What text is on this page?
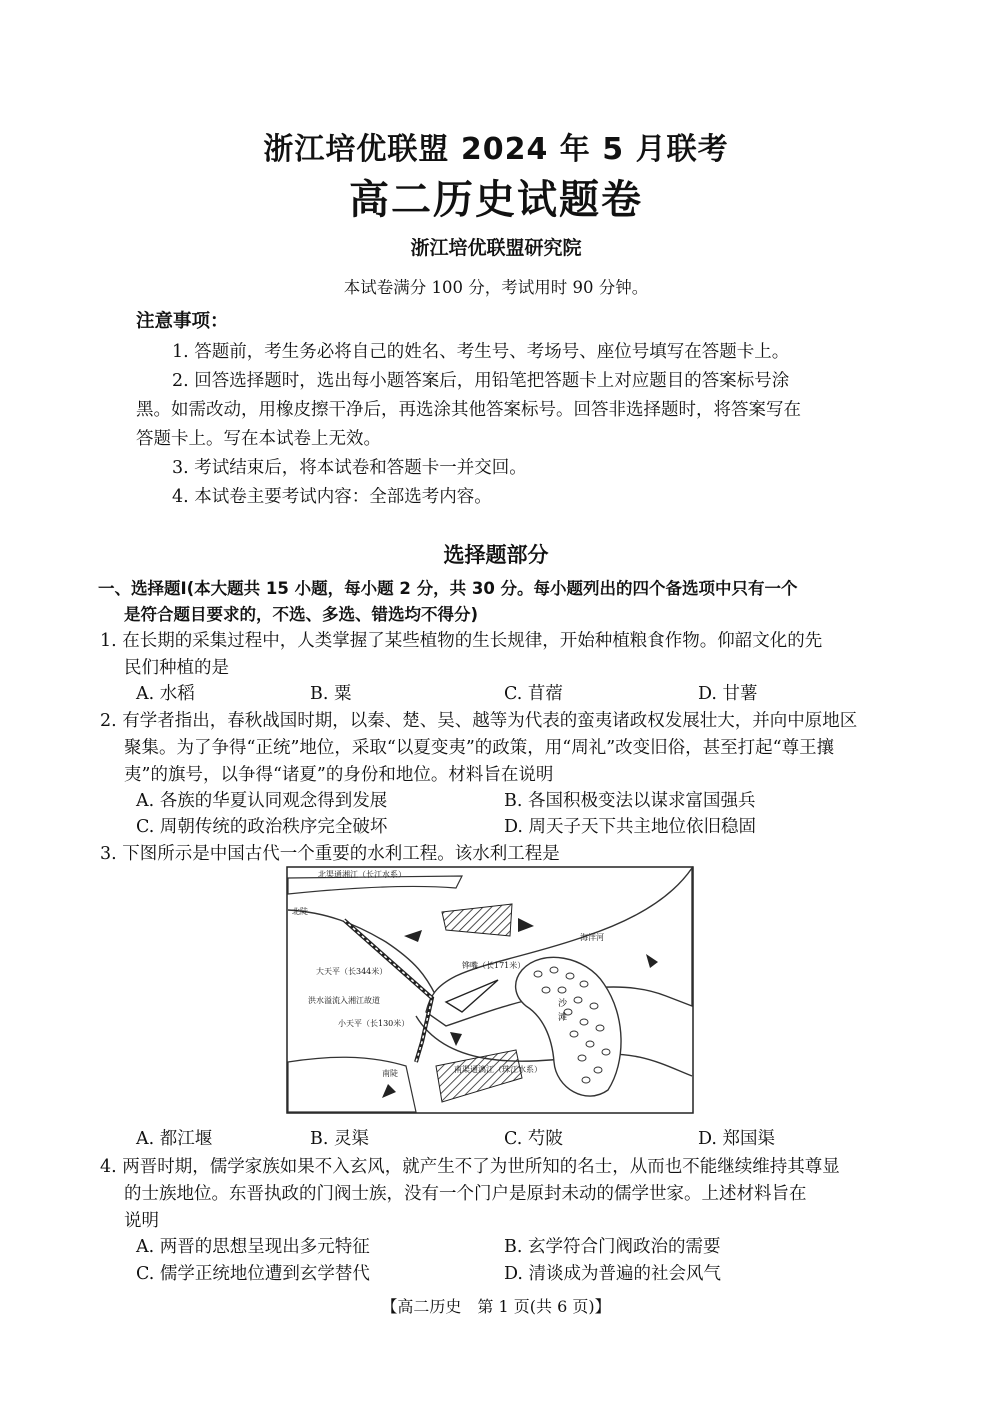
浙江培优联盟 2024 年 5 月联考
高二历史试题卷
浙江培优联盟研究院
本试卷满分 100 分，考试用时 90 分钟。
注意事项：
1. 答题前，考生务必将自己的姓名、考生号、考场号、座位号填写在答题卡上。
2. 回答选择题时，选出每小题答案后，用铅笔把答题卡上对应题目的答案标号涂
黑。如需改动，用橡皮擦干净后，再选涂其他答案标号。回答非选择题时，将答案写在
答题卡上。写在本试卷上无效。
3. 考试结束后，将本试卷和答题卡一并交回。
4. 本试卷主要考试内容：全部选考内容。
选择题部分
一、选择题Ⅰ(本大题共 15 小题，每小题 2 分，共 30 分。每小题列出的四个备选项中只有一个
是符合题目要求的，不选、多选、错选均不得分)
1. 在长期的采集过程中，人类掌握了某些植物的生长规律，开始种植粮食作物。仰韶文化的先
民们种植的是
A. 水稻	B. 粟	C. 苜蓿	D. 甘薯
2. 有学者指出，春秋战国时期，以秦、楚、吴、越等为代表的蛮夷诸政权发展壮大，并向中原地区
聚集。为了争得“正统”地位，采取“以夏变夷”的政策，用“周礼”改变旧俗，甚至打起“尊王攘
夷”的旗号，以争得“诸夏”的身份和地位。材料旨在说明
A. 各族的华夏认同观念得到发展	B. 各国积极变法以谋求富国强兵
C. 周朝传统的政治秩序完全破坏	D. 周天子天下共主地位依旧稳固
3. 下图所示是中国古代一个重要的水利工程。该水利工程是
北渠通湘江（长江水系）
北陡
大天平（长344米）
洪水溢流入湘江故道
小天平（长130米）
铧嘴（长171米）
海洋河
南陡	南渠通漓江（珠江水系）
沙
滩
A. 都江堰	B. 灵渠	C. 芍陂	D. 郑国渠
4. 两晋时期，儒学家族如果不入玄风，就产生不了为世所知的名士，从而也不能继续维持其尊显
的士族地位。东晋执政的门阀士族，没有一个门户是原封未动的儒学世家。上述材料旨在
说明
A. 两晋的思想呈现出多元特征	B. 玄学符合门阀政治的需要
C. 儒学正统地位遭到玄学替代	D. 清谈成为普遍的社会风气
【高二历史　第 1 页(共 6 页)】
